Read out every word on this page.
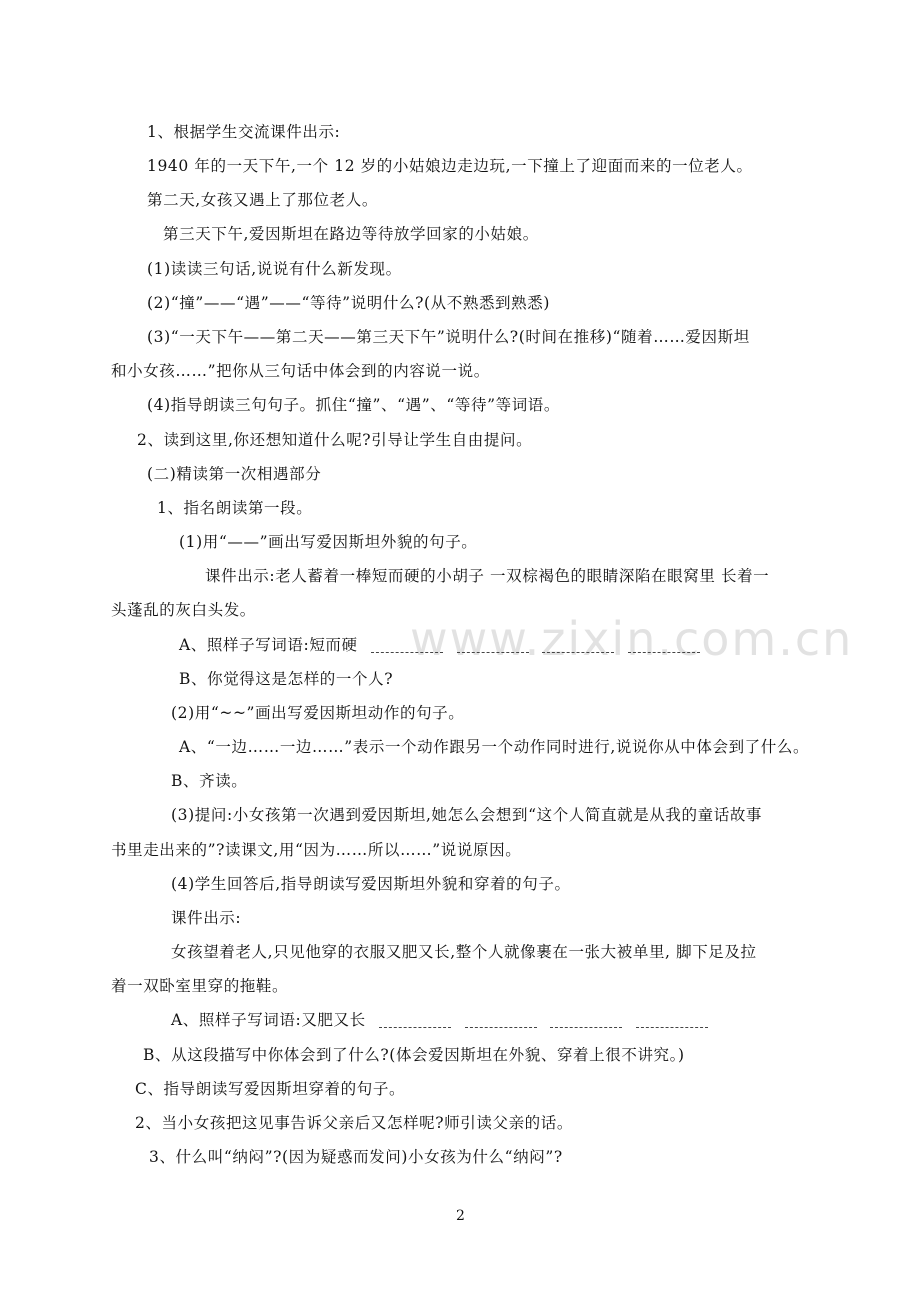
www.zixin.com.cn
1、根据学生交流课件出示:
1940 年的一天下午,一个 12 岁的小姑娘边走边玩,一下撞上了迎面而来的一位老人。
第二天,女孩又遇上了那位老人。
第三天下午,爱因斯坦在路边等待放学回家的小姑娘。
(1)读读三句话,说说有什么新发现。
(2)“撞”——“遇”——“等待”说明什么?(从不熟悉到熟悉)
(3)“一天下午——第二天——第三天下午”说明什么?(时间在推移)“随着……爱因斯坦
和小女孩……”把你从三句话中体会到的内容说一说。
(4)指导朗读三句句子。抓住“撞”、“遇”、“等待”等词语。
2、读到这里,你还想知道什么呢?引导让学生自由提问。
(二)精读第一次相遇部分
1、指名朗读第一段。
(1)用“——”画出写爱因斯坦外貌的句子。
课件出示:老人蓄着一棒短而硬的小胡子 一双棕褐色的眼睛深陷在眼窝里 长着一
头蓬乱的灰白头发。
A、照样子写词语:短而硬
B、你觉得这是怎样的一个人?
(2)用“~~”画出写爱因斯坦动作的句子。
A、“一边……一边……”表示一个动作跟另一个动作同时进行,说说你从中体会到了什么。
B、齐读。
(3)提问:小女孩第一次遇到爱因斯坦,她怎么会想到“这个人简直就是从我的童话故事
书里走出来的”?读课文,用“因为……所以……”说说原因。
(4)学生回答后,指导朗读写爱因斯坦外貌和穿着的句子。
课件出示:
女孩望着老人,只见他穿的衣服又肥又长,整个人就像裹在一张大被单里, 脚下足及拉
着一双卧室里穿的拖鞋。
A、照样子写词语:又肥又长
B、从这段描写中你体会到了什么?(体会爱因斯坦在外貌、穿着上很不讲究。)
C、指导朗读写爱因斯坦穿着的句子。
2、当小女孩把这见事告诉父亲后又怎样呢?师引读父亲的话。
3、什么叫“纳闷”?(因为疑惑而发问)小女孩为什么“纳闷”?
2
